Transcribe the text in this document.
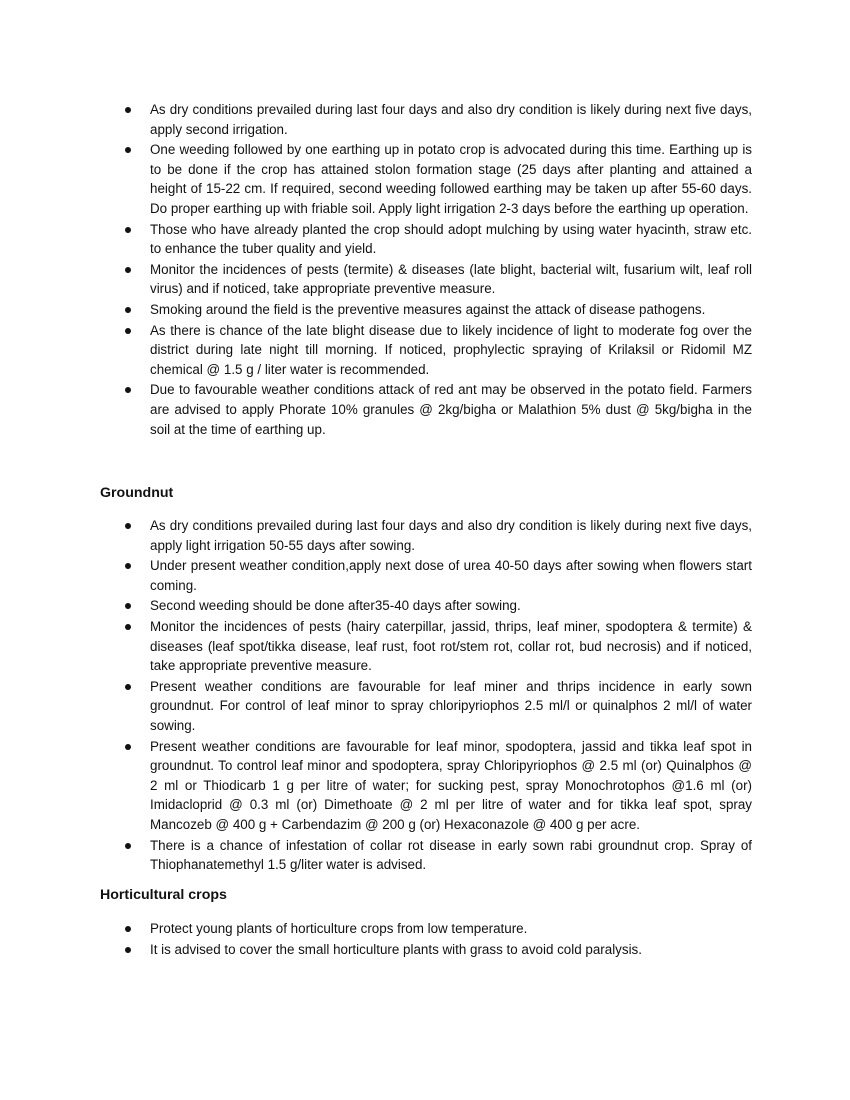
As dry conditions prevailed during last four days and also dry condition is likely during next five days, apply second irrigation.
One weeding followed by one earthing up in potato crop is advocated during this time. Earthing up is to be done if the crop has attained stolon formation stage (25 days after planting and attained a height of 15-22 cm. If required, second weeding followed earthing may be taken up after 55-60 days. Do proper earthing up with friable soil. Apply light irrigation 2-3 days before the earthing up operation.
Those who have already planted the crop should adopt mulching by using water hyacinth, straw etc. to enhance the tuber quality and yield.
Monitor the incidences of pests (termite) & diseases (late blight, bacterial wilt, fusarium wilt, leaf roll virus) and if noticed, take appropriate preventive measure.
Smoking around the field is the preventive measures against the attack of disease pathogens.
As there is chance of the late blight disease due to likely incidence of light to moderate fog over the district during late night till morning. If noticed, prophylectic spraying of Krilaksil or Ridomil MZ chemical @ 1.5 g / liter water is recommended.
Due to favourable weather conditions attack of red ant may be observed in the potato field. Farmers are advised to apply Phorate 10% granules @ 2kg/bigha or Malathion 5% dust @ 5kg/bigha in the soil at the time of earthing up.
Groundnut
As dry conditions prevailed during last four days and also dry condition is likely during next five days, apply light irrigation 50-55 days after sowing.
Under present weather condition,apply next dose of urea 40-50 days after sowing when flowers start coming.
Second weeding should be done after35-40 days after sowing.
Monitor the incidences of pests (hairy caterpillar, jassid, thrips, leaf miner, spodoptera & termite) & diseases (leaf spot/tikka disease, leaf rust, foot rot/stem rot, collar rot, bud necrosis) and if noticed, take appropriate preventive measure.
Present weather conditions are favourable for leaf miner and thrips incidence in early sown groundnut. For control of leaf minor to spray chloripyriophos 2.5 ml/l or quinalphos 2 ml/l of water sowing.
Present weather conditions are favourable for leaf minor, spodoptera, jassid and tikka leaf spot in groundnut. To control leaf minor and spodoptera, spray Chloripyriophos @ 2.5 ml (or) Quinalphos @ 2 ml or Thiodicarb 1 g per litre of water; for sucking pest, spray Monochrotophos @1.6 ml (or) Imidacloprid @ 0.3 ml (or) Dimethoate @ 2 ml per litre of water and for tikka leaf spot, spray Mancozeb @ 400 g + Carbendazim @ 200 g (or) Hexaconazole @ 400 g per acre.
There is a chance of infestation of collar rot disease in early sown rabi groundnut crop. Spray of Thiophanatemethyl 1.5 g/liter water is advised.
Horticultural crops
Protect young plants of horticulture crops from low temperature.
It is advised to cover the small horticulture plants with grass to avoid cold paralysis.
